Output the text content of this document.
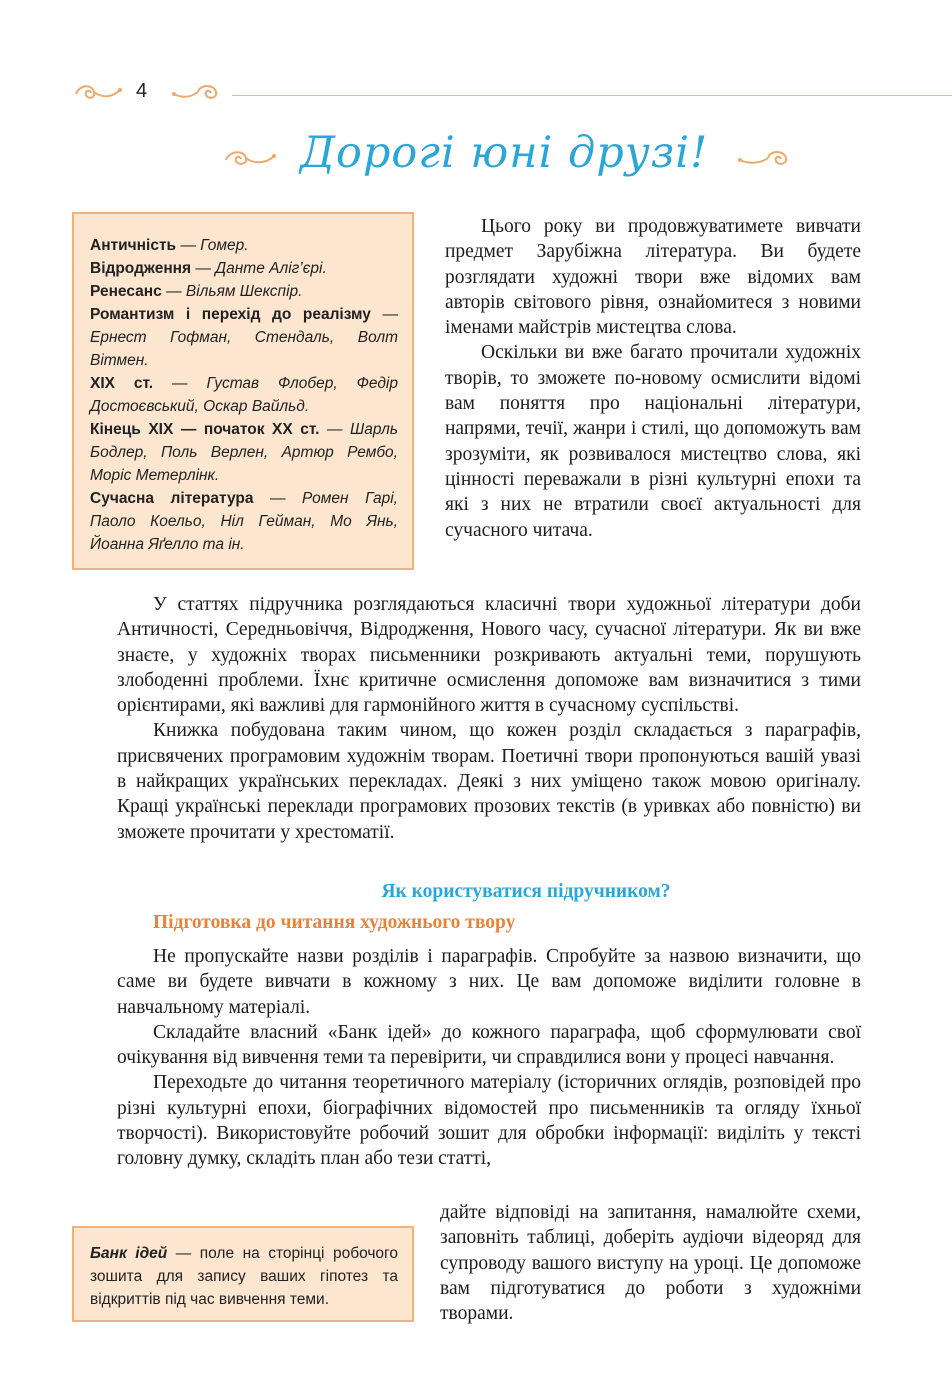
4
Дорогі юні друзі!

Античність — Гомер.

Відродження — Данте Аліг’єрі.

Ренесанс — Вільям Шекспір.

Романтизм і перехід до реалізму — Ернест Гофман, Стендаль, Волт Вітмен.

XIX ст. — Густав Флобер, Федір Достоєвський, Оскар Вайльд.

Кінець XIX — початок XX ст. — Шарль Бодлер, Поль Верлен, Артюр Рембо, Моріс Метерлінк.

Сучасна література — Ромен Гарі, Паоло Коельо, Ніл Гейман, Мо Янь, Йоанна Яґелло та ін.

Цього року ви продовжуватимете вивчати предмет Зарубіжна література. Ви будете розглядати художні твори вже відомих вам авторів світового рівня, ознайомитеся з новими іменами майстрів мистецтва слова.

Оскільки ви вже багато прочитали художніх творів, то зможете по-новому осмислити відомі вам поняття про національні літератури, напрями, течії, жанри і стилі, що допоможуть вам зрозуміти, як розвивалося мистецтво слова, які цінності переважали в різні культурні епохи та які з них не втратили своєї актуальності для сучасного читача.

У статтях підручника розглядаються класичні твори художньої літератури доби Античності, Середньовіччя, Відродження, Нового часу, сучасної літератури. Як ви вже знаєте, у художніх творах письменники розкривають актуальні теми, порушують злободенні проблеми. Їхнє критичне осмислення допоможе вам визначитися з тими орієнтирами, які важливі для гармонійного життя в сучасному суспільстві.

Книжка побудована таким чином, що кожен розділ складається з параграфів, присвячених програмовим художнім творам. Поетичні твори пропонуються вашій увазі в найкращих українських перекладах. Деякі з них уміщено також мовою оригіналу. Кращі українські переклади програмових прозових текстів (в уривках або повністю) ви зможете прочитати у хрестоматії.

Як користуватися підручником?
Підготовка до читання художнього твору

Не пропускайте назви розділів і параграфів. Спробуйте за назвою визначити, що саме ви будете вивчати в кожному з них. Це вам допоможе виділити головне в навчальному матеріалі.

Складайте власний «Банк ідей» до кожного параграфа, щоб сформулювати свої очікування від вивчення теми та перевірити, чи справдилися вони у процесі навчання.

Переходьте до читання теоретичного матеріалу (історичних оглядів, розповідей про різні культурні епохи, біографічних відомостей про письменників та огляду їхньої творчості). Використовуйте робочий зошит для обробки інформації: виділіть у тексті головну думку, складіть план або тези статті,

дайте відповіді на запитання, намалюйте схеми, заповніть таблиці, доберіть аудіочи відеоряд для супроводу вашого виступу на уроці. Це допоможе вам підготуватися до роботи з художніми творами.

Банк ідей — поле на сторінці робочого зошита для запису ваших гіпотез та відкриттів під час вивчення теми.
